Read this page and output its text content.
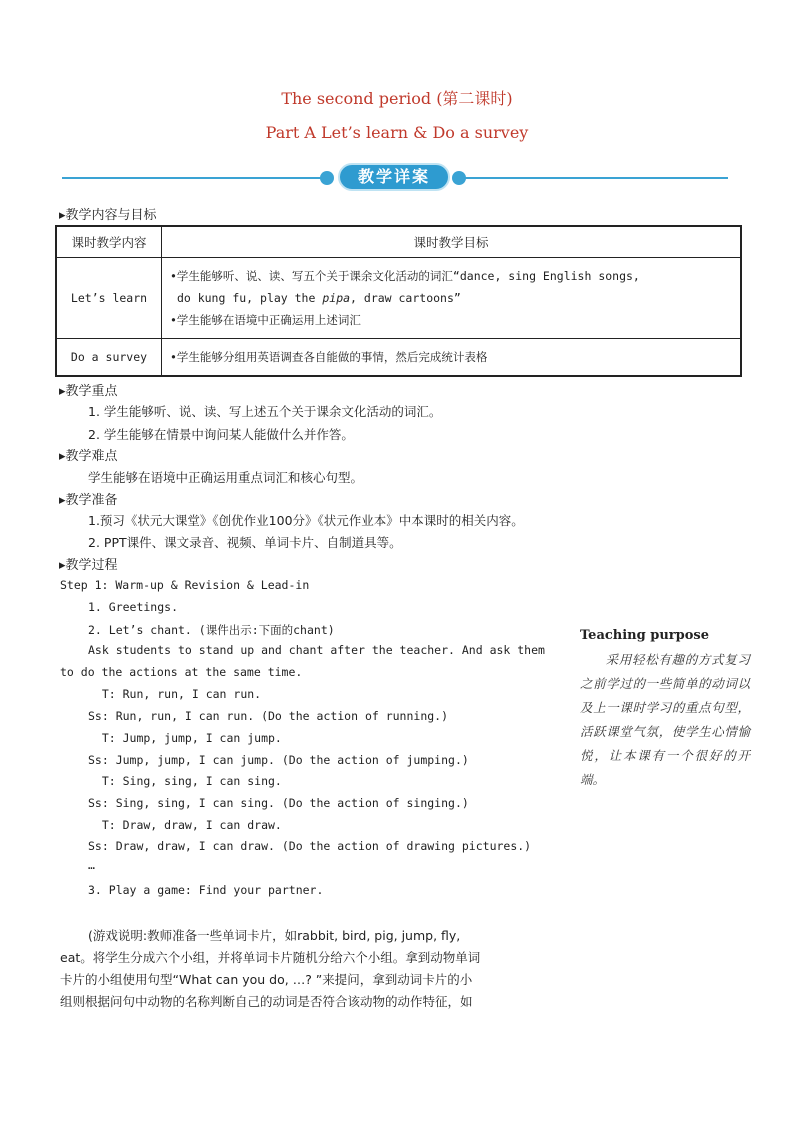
The second period (第二课时)
Part A Let’s learn & Do a survey
教学详案
▸教学内容与目标
课时教学内容	课时教学目标
Let’s learn	•学生能够听、说、读、写五个关于课余文化活动的词汇“dance, sing English songs,
do kung fu, play the pipa, draw cartoons”
•学生能够在语境中正确运用上述词汇

Do a survey	•学生能够分组用英语调查各自能做的事情，然后完成统计表格
▸教学重点
1. 学生能够听、说、读、写上述五个关于课余文化活动的词汇。
2. 学生能够在情景中询问某人能做什么并作答。
▸教学难点
学生能够在语境中正确运用重点词汇和核心句型。
▸教学准备
1.预习《状元大课堂》《创优作业100分》《状元作业本》中本课时的相关内容。
2. PPT课件、课文录音、视频、单词卡片、自制道具等。
▸教学过程
Step 1: Warm-up & Revision & Lead-in
1. Greetings.
2. Let’s chant. (课件出示:下面的chant)
Ask students to stand up and chant after the teacher. And ask them
to do the actions at the same time.
T: Run, run, I can run.
Ss: Run, run, I can run. (Do the action of running.)
T: Jump, jump, I can jump.
Ss: Jump, jump, I can jump. (Do the action of jumping.)
T: Sing, sing, I can sing.
Ss: Sing, sing, I can sing. (Do the action of singing.)
T: Draw, draw, I can draw.
Ss: Draw, draw, I can draw. (Do the action of drawing pictures.)
…
3. Play a game: Find your partner.
(游戏说明:教师准备一些单词卡片，如rabbit, bird, pig, jump, fly,
eat。将学生分成六个小组，并将单词卡片随机分给六个小组。拿到动物单词
卡片的小组使用句型“What can you do, …? ”来提问，拿到动词卡片的小
组则根据问句中动物的名称判断自己的动词是否符合该动物的动作特征，如
Teaching purpose
  采用轻松有趣的方式复习之前学过的一些简单的动词以及上一课时学习的重点句型，活跃课堂气氛，使学生心情愉悦，让本课有一个很好的开端。
